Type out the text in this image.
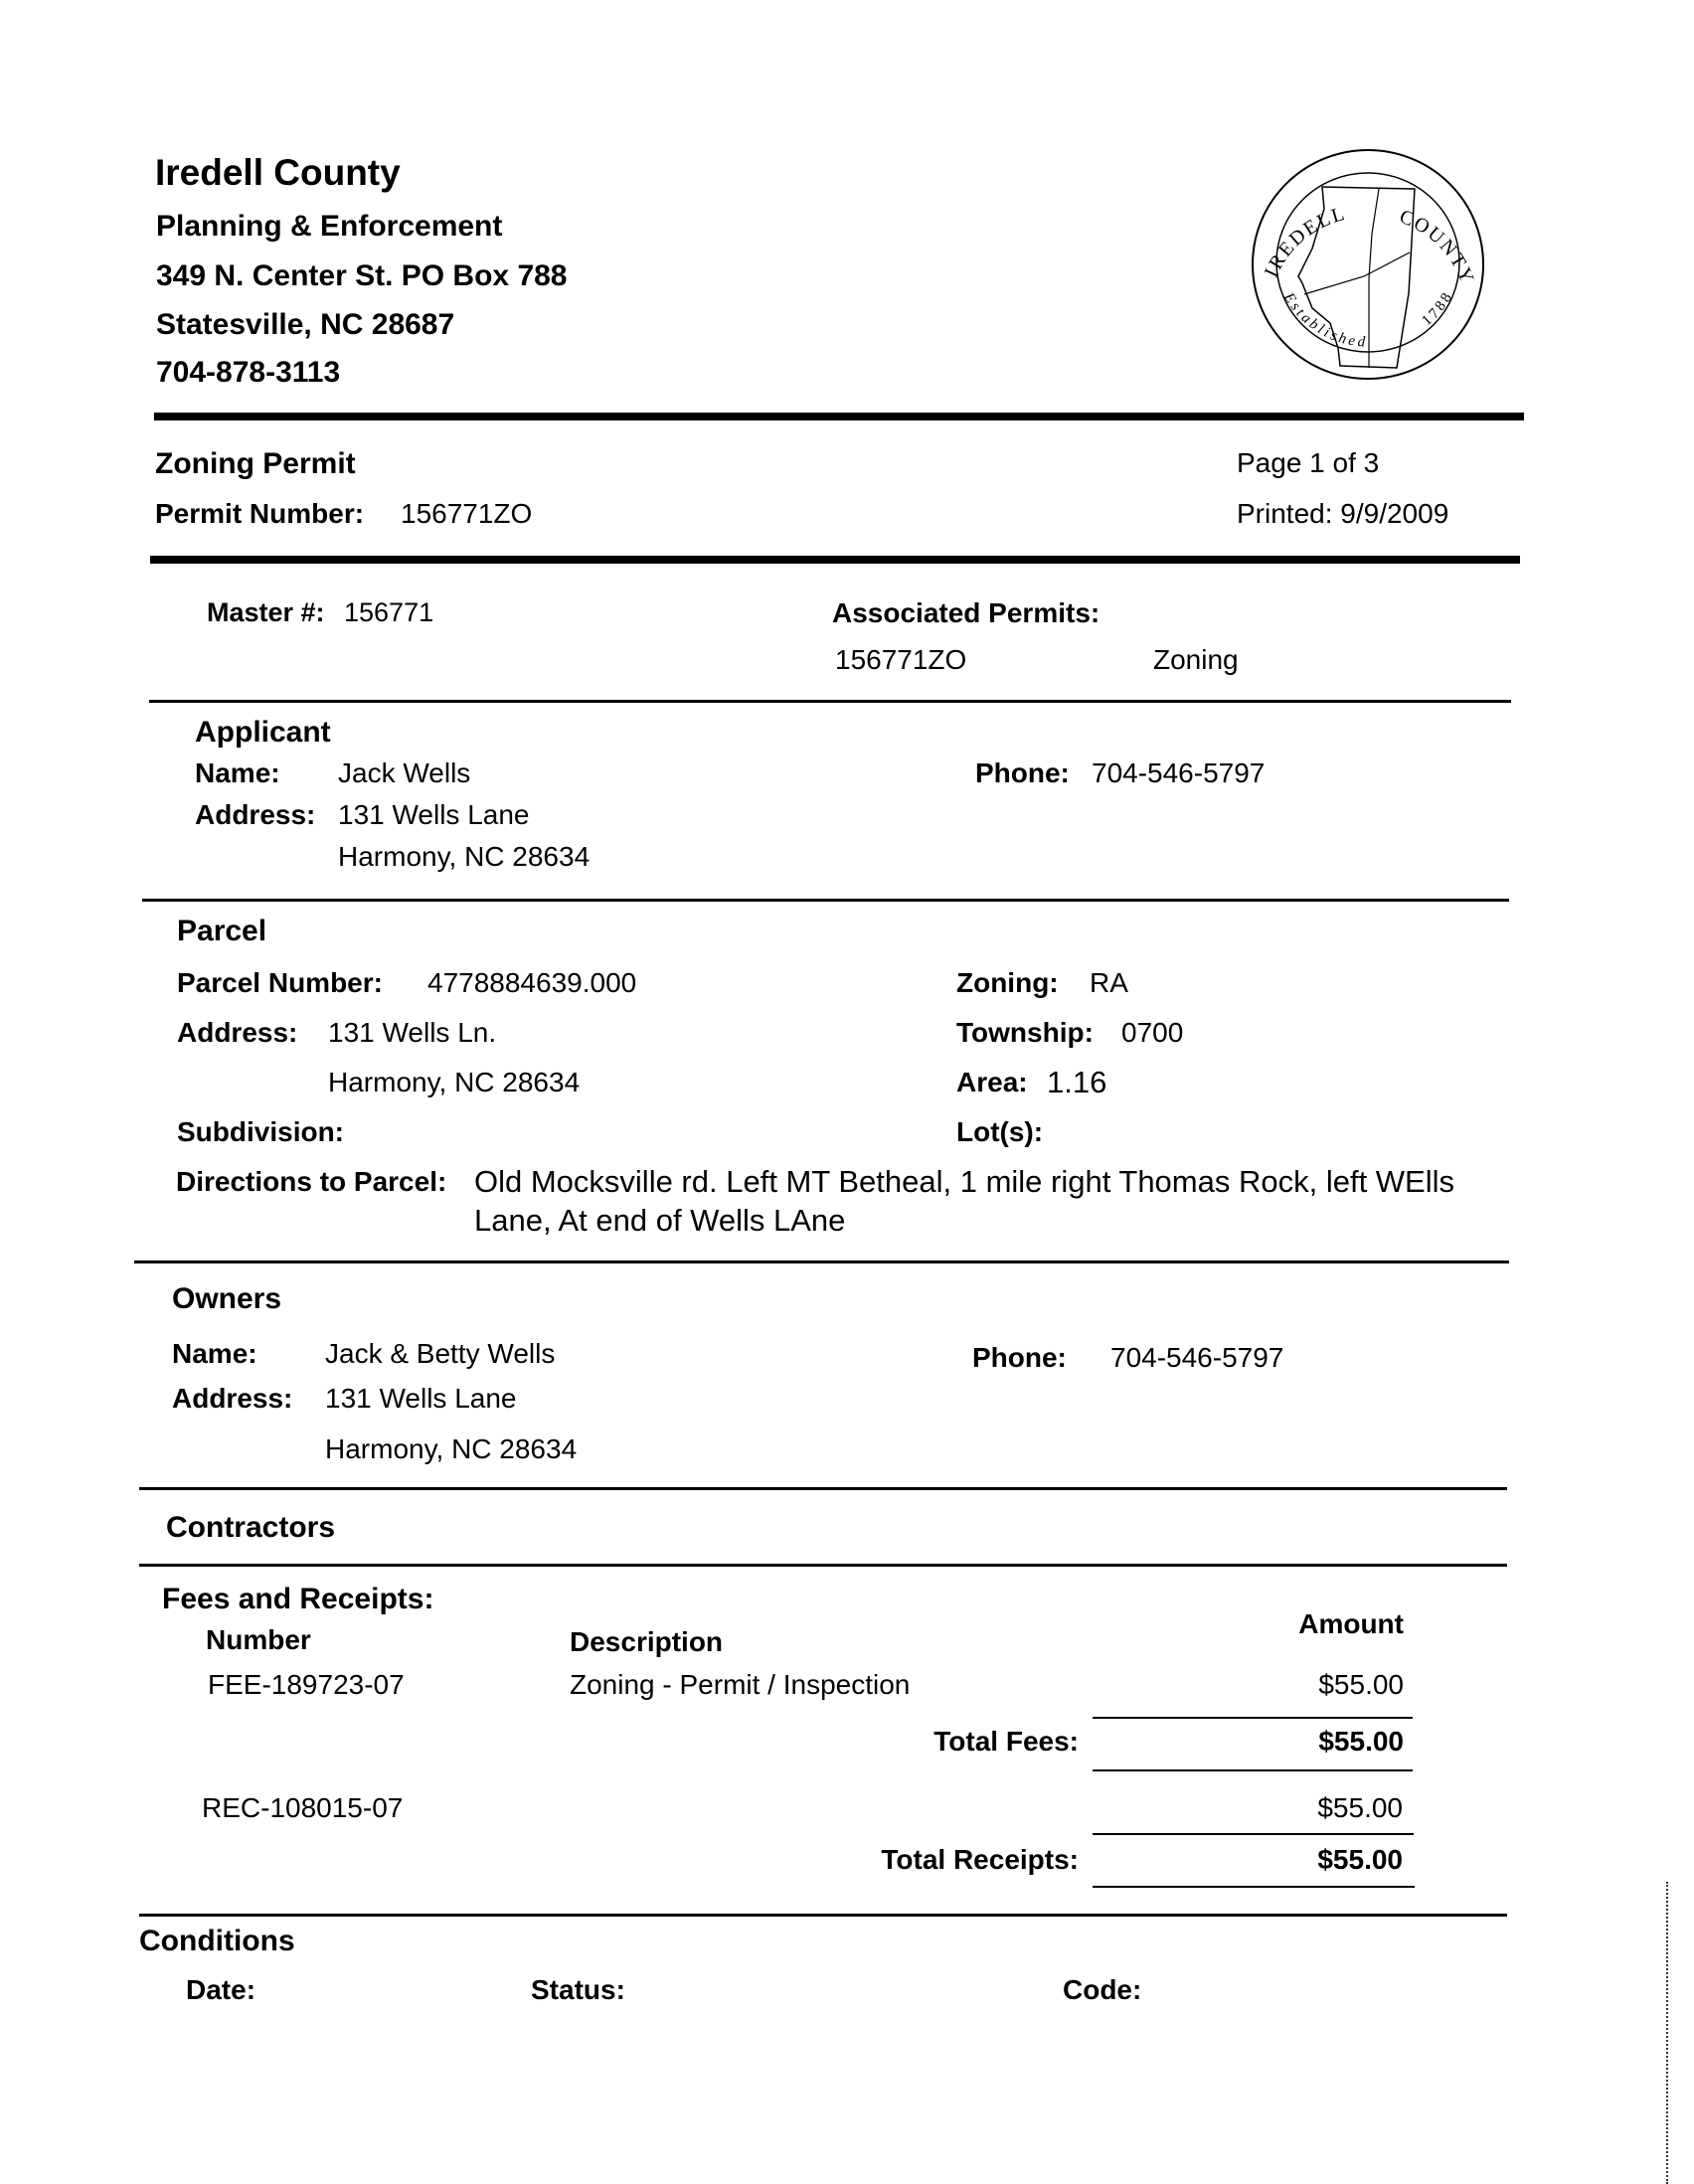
Iredell County
Planning & Enforcement
349 N. Center St. PO Box 788
Statesville, NC 28687
704-878-3113
IREDELL COUNTY
Established
1788
Zoning Permit
Permit Number: 156771ZO
Page 1 of 3
Printed: 9/9/2009
Master #: 156771	Associated Permits:
156771ZO	Zoning
Applicant
Name: Jack Wells
Address: 131 Wells Lane
Harmony, NC 28634
Phone: 704-546-5797
Parcel
Parcel Number: 4778884639.000
Address: 131 Wells Ln.
Harmony, NC 28634
Subdivision:
Zoning: RA
Township: 0700
Area: 1.16
Lot(s):
Directions to Parcel: Old Mocksville rd. Left MT Betheal, 1 mile right Thomas Rock, left WElls
Lane, At end of Wells LAne
Owners
Name: Jack & Betty Wells
Address: 131 Wells Lane
Harmony, NC 28634
Phone: 704-546-5797
Contractors
Fees and Receipts:
Number	Description
Amount
FEE-189723-07	Zoning - Permit / Inspection	$55.00
Total Fees:	$55.00
REC-108015-07	$55.00
Total Receipts:	$55.00
Conditions
Date:	Status:	Code:
